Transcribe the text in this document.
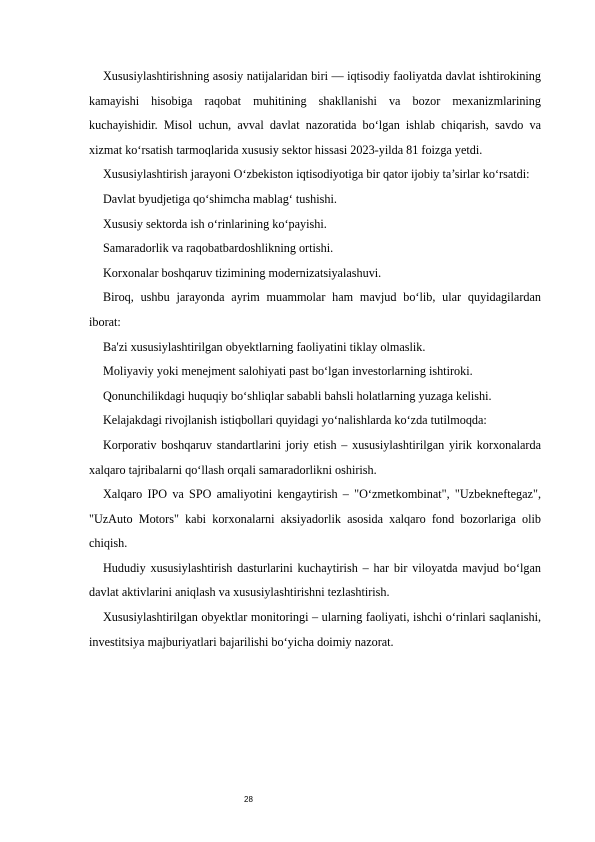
Xususiylashtirishning asosiy natijalaridan biri — iqtisodiy faoliyatda davlat ishtirokining kamayishi hisobiga raqobat muhitining shakllanishi va bozor mexanizmlarining kuchayishidir. Misol uchun, avval davlat nazoratida bo‘lgan ishlab chiqarish, savdo va xizmat ko‘rsatish tarmoqlarida xususiy sektor hissasi 2023-yilda 81 foizga yetdi.

Xususiylashtirish jarayoni O‘zbekiston iqtisodiyotiga bir qator ijobiy ta’sirlar ko‘rsatdi:

Davlat byudjetiga qo‘shimcha mablag‘ tushishi.

Xususiy sektorda ish o‘rinlarining ko‘payishi.

Samaradorlik va raqobatbardoshlikning ortishi.

Korxonalar boshqaruv tizimining modernizatsiyalashuvi.

Biroq, ushbu jarayonda ayrim muammolar ham mavjud bo‘lib, ular quyidagilardan iborat:

Ba'zi xususiylashtirilgan obyektlarning faoliyatini tiklay olmaslik.

Moliyaviy yoki menejment salohiyati past bo‘lgan investorlarning ishtiroki.

Qonunchilikdagi huquqiy bo‘shliqlar sababli bahsli holatlarning yuzaga kelishi.

Kelajakdagi rivojlanish istiqbollari quyidagi yo‘nalishlarda ko‘zda tutilmoqda:

Korporativ boshqaruv standartlarini joriy etish – xususiylashtirilgan yirik korxonalarda xalqaro tajribalarni qo‘llash orqali samaradorlikni oshirish.

Xalqaro IPO va SPO amaliyotini kengaytirish – "O‘zmetkombinat", "Uzbekneftegaz", "UzAuto Motors" kabi korxonalarni aksiyadorlik asosida xalqaro fond bozorlariga olib chiqish.

Hududiy xususiylashtirish dasturlarini kuchaytirish – har bir viloyatda mavjud bo‘lgan davlat aktivlarini aniqlash va xususiylashtirishni tezlashtirish.

Xususiylashtirilgan obyektlar monitoringi – ularning faoliyati, ishchi o‘rinlari saqlanishi, investitsiya majburiyatlari bajarilishi bo‘yicha doimiy nazorat.

28
